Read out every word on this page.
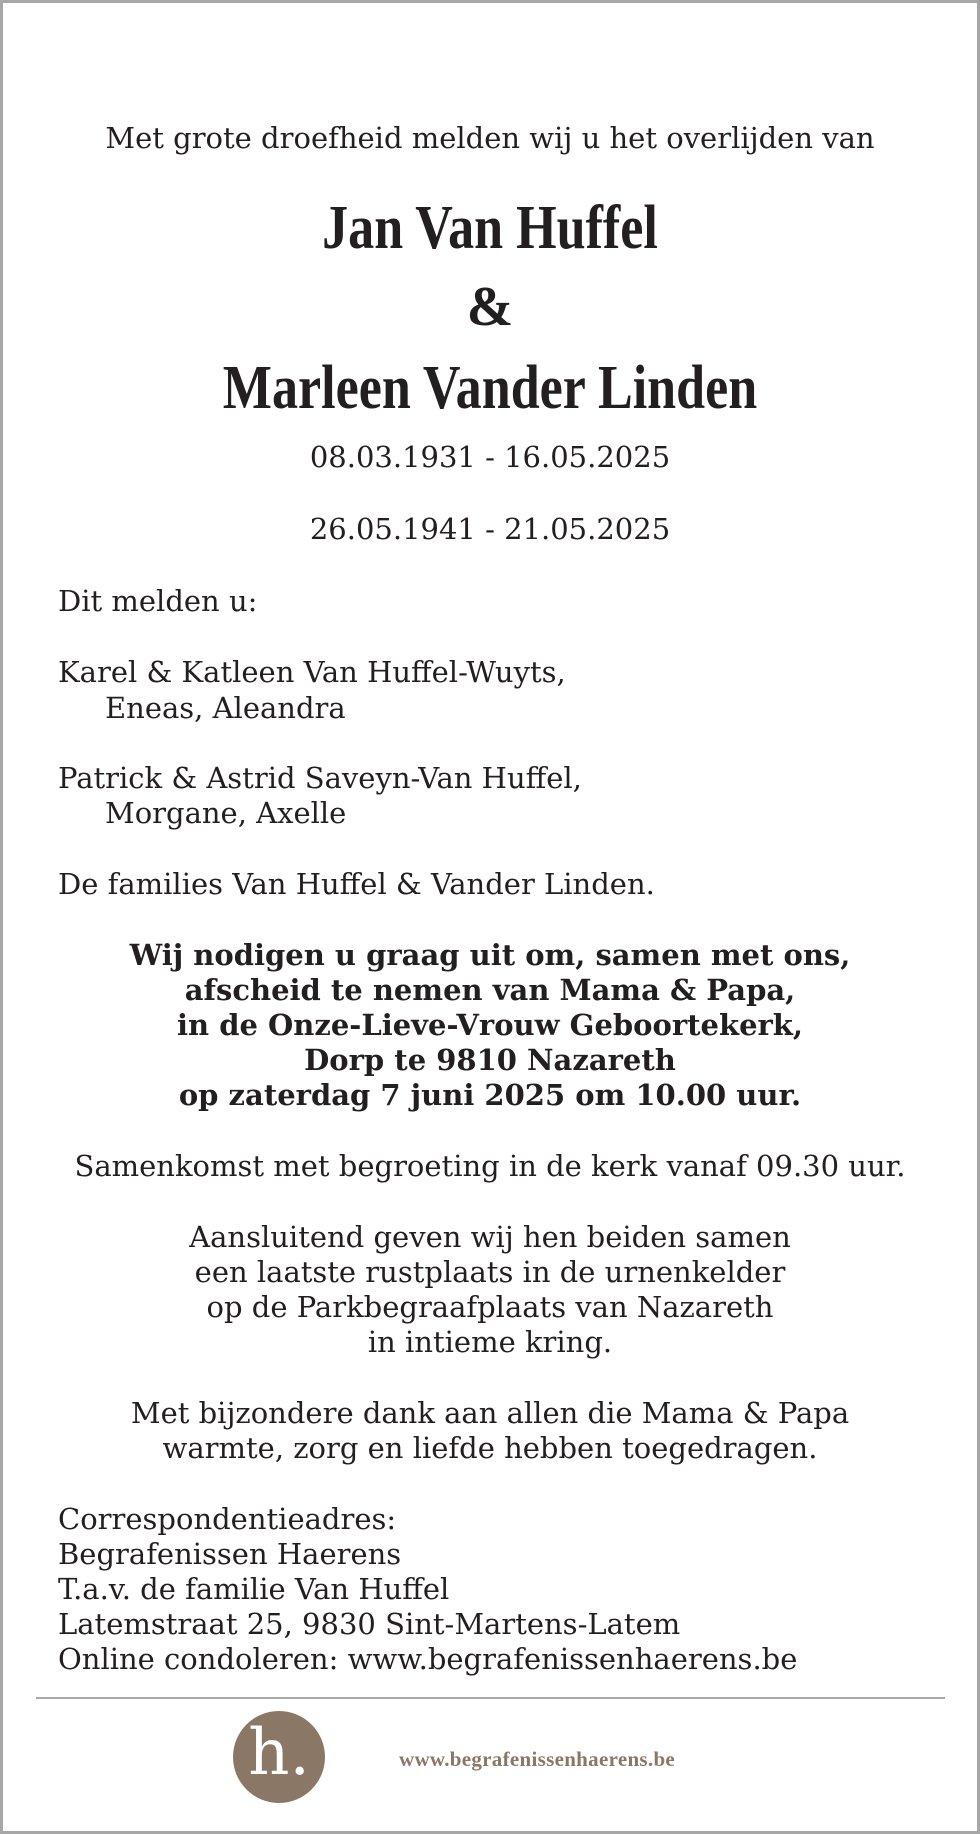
Met grote droefheid melden wij u het overlijden van
Jan Van Huffel
&
Marleen Vander Linden
08.03.1931 - 16.05.2025
26.05.1941 - 21.05.2025
Dit melden u:
Karel & Katleen Van Huffel-Wuyts,
Eneas, Aleandra
Patrick & Astrid Saveyn-Van Huffel,
Morgane, Axelle
De families Van Huffel & Vander Linden.
Wij nodigen u graag uit om, samen met ons,
afscheid te nemen van Mama & Papa,
in de Onze-Lieve-Vrouw Geboortekerk,
Dorp te 9810 Nazareth
op zaterdag 7 juni 2025 om 10.00 uur.
Samenkomst met begroeting in de kerk vanaf 09.30 uur.
Aansluitend geven wij hen beiden samen
een laatste rustplaats in de urnenkelder
op de Parkbegraafplaats van Nazareth
in intieme kring.
Met bijzondere dank aan allen die Mama & Papa
warmte, zorg en liefde hebben toegedragen.
Correspondentieadres:
Begrafenissen Haerens
T.a.v. de familie Van Huffel
Latemstraat 25, 9830 Sint-Martens-Latem
Online condoleren: www.begrafenissenhaerens.be
h.	www.begrafenissenhaerens.be
